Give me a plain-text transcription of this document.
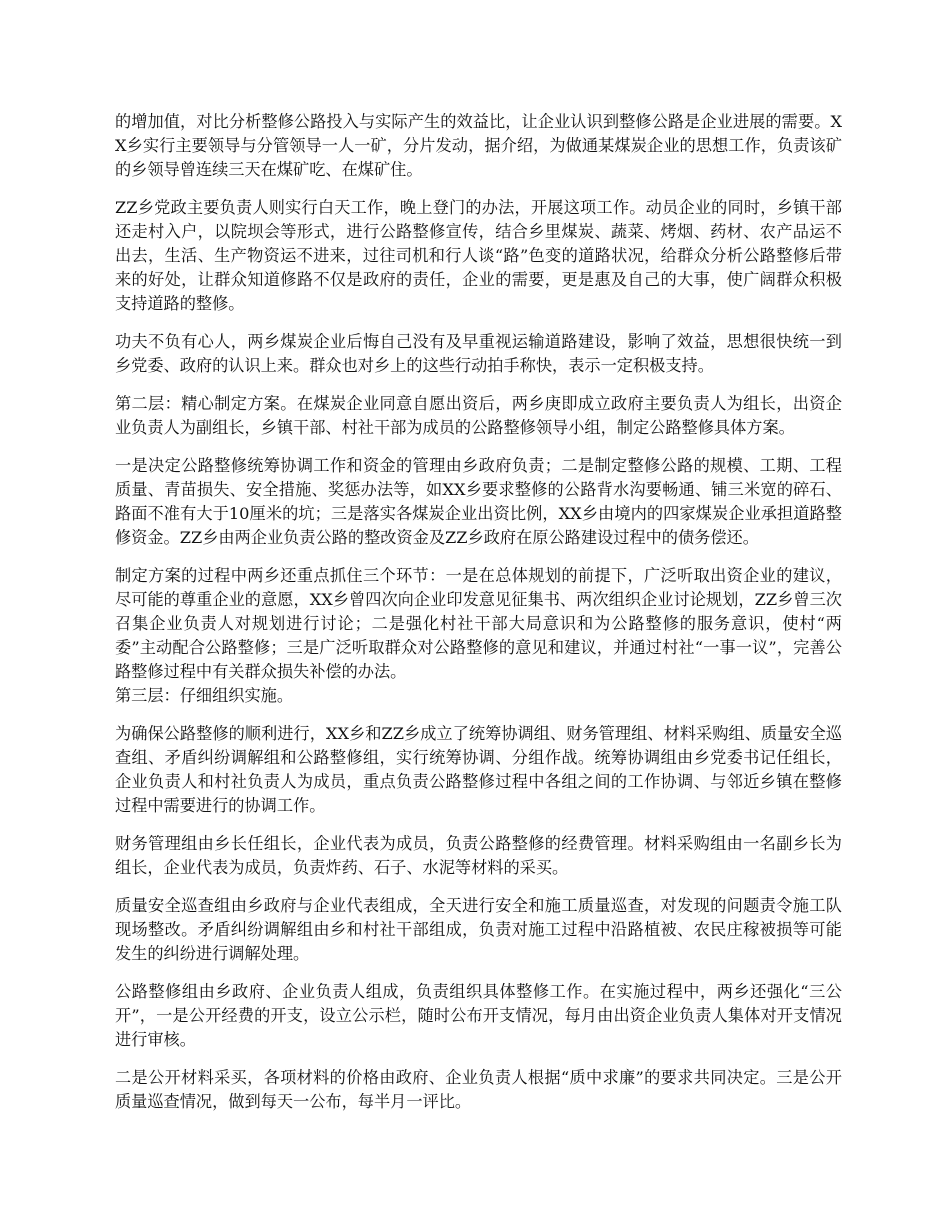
的增加值，对比分析整修公路投入与实际产生的效益比，让企业认识到整修公路是企业进展的需要。XX乡实行主要领导与分管领导一人一矿，分片发动，据介绍，为做通某煤炭企业的思想工作，负责该矿的乡领导曾连续三天在煤矿吃、在煤矿住。

ZZ乡党政主要负责人则实行白天工作，晚上登门的办法，开展这项工作。动员企业的同时，乡镇干部还走村入户，以院坝会等形式，进行公路整修宣传，结合乡里煤炭、蔬菜、烤烟、药材、农产品运不出去，生活、生产物资运不进来，过往司机和行人谈“路”色变的道路状况，给群众分析公路整修后带来的好处，让群众知道修路不仅是政府的责任，企业的需要，更是惠及自己的大事，使广阔群众积极支持道路的整修。

功夫不负有心人，两乡煤炭企业后悔自己没有及早重视运输道路建设，影响了效益，思想很快统一到乡党委、政府的认识上来。群众也对乡上的这些行动拍手称快，表示一定积极支持。

第二层：精心制定方案。在煤炭企业同意自愿出资后，两乡庚即成立政府主要负责人为组长，出资企业负责人为副组长，乡镇干部、村社干部为成员的公路整修领导小组，制定公路整修具体方案。

一是决定公路整修统筹协调工作和资金的管理由乡政府负责；二是制定整修公路的规模、工期、工程质量、青苗损失、安全措施、奖惩办法等，如XX乡要求整修的公路背水沟要畅通、铺三米宽的碎石、路面不准有大于10厘米的坑；三是落实各煤炭企业出资比例，XX乡由境内的四家煤炭企业承担道路整修资金。ZZ乡由两企业负责公路的整改资金及ZZ乡政府在原公路建设过程中的债务偿还。

制定方案的过程中两乡还重点抓住三个环节：一是在总体规划的前提下，广泛听取出资企业的建议，尽可能的尊重企业的意愿，XX乡曾四次向企业印发意见征集书、两次组织企业讨论规划，ZZ乡曾三次召集企业负责人对规划进行讨论；二是强化村社干部大局意识和为公路整修的服务意识，使村“两委”主动配合公路整修；三是广泛听取群众对公路整修的意见和建议，并通过村社“一事一议”，完善公路整修过程中有关群众损失补偿的办法。

第三层：仔细组织实施。

为确保公路整修的顺利进行，XX乡和ZZ乡成立了统筹协调组、财务管理组、材料采购组、质量安全巡查组、矛盾纠纷调解组和公路整修组，实行统筹协调、分组作战。统筹协调组由乡党委书记任组长，企业负责人和村社负责人为成员，重点负责公路整修过程中各组之间的工作协调、与邻近乡镇在整修过程中需要进行的协调工作。

财务管理组由乡长任组长，企业代表为成员，负责公路整修的经费管理。材料采购组由一名副乡长为组长，企业代表为成员，负责炸药、石子、水泥等材料的采买。

质量安全巡查组由乡政府与企业代表组成，全天进行安全和施工质量巡查，对发现的问题责令施工队现场整改。矛盾纠纷调解组由乡和村社干部组成，负责对施工过程中沿路植被、农民庄稼被损等可能发生的纠纷进行调解处理。

公路整修组由乡政府、企业负责人组成，负责组织具体整修工作。在实施过程中，两乡还强化“三公开”，一是公开经费的开支，设立公示栏，随时公布开支情况，每月由出资企业负责人集体对开支情况进行审核。

二是公开材料采买，各项材料的价格由政府、企业负责人根据“质中求廉”的要求共同决定。三是公开质量巡查情况，做到每天一公布，每半月一评比。
